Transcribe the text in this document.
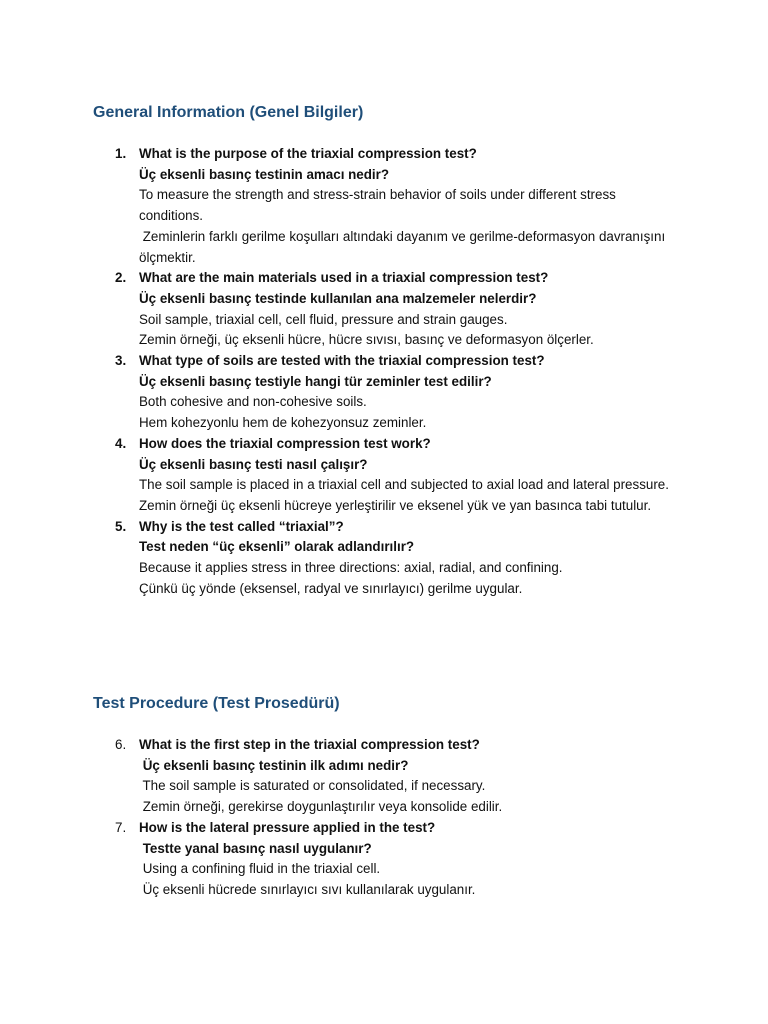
General Information (Genel Bilgiler)
1. What is the purpose of the triaxial compression test?
Üç eksenli basınç testinin amacı nedir?
To measure the strength and stress-strain behavior of soils under different stress conditions.
Zeminlerin farklı gerilme koşulları altındaki dayanım ve gerilme-deformasyon davranışını ölçmektir.
2. What are the main materials used in a triaxial compression test?
Üç eksenli basınç testinde kullanılan ana malzemeler nelerdir?
Soil sample, triaxial cell, cell fluid, pressure and strain gauges.
Zemin örneği, üç eksenli hücre, hücre sıvısı, basınç ve deformasyon ölçerler.
3. What type of soils are tested with the triaxial compression test?
Üç eksenli basınç testiyle hangi tür zeminler test edilir?
Both cohesive and non-cohesive soils.
Hem kohezyonlu hem de kohezyonsuz zeminler.
4. How does the triaxial compression test work?
Üç eksenli basınç testi nasıl çalışır?
The soil sample is placed in a triaxial cell and subjected to axial load and lateral pressure.
Zemin örneği üç eksenli hücreye yerleştirilir ve eksenel yük ve yan basınca tabi tutulur.
5. Why is the test called “triaxial”?
Test neden “üç eksenli” olarak adlandırılır?
Because it applies stress in three directions: axial, radial, and confining.
Çünkü üç yönde (eksensel, radyal ve sınırlayıcı) gerilme uygular.
Test Procedure (Test Prosedürü)
6. What is the first step in the triaxial compression test?
Üç eksenli basınç testinin ilk adımı nedir?
The soil sample is saturated or consolidated, if necessary.
Zemin örneği, gerekirse doygunlaştırılır veya konsolide edilir.
7. How is the lateral pressure applied in the test?
Testte yanal basınç nasıl uygulanır?
Using a confining fluid in the triaxial cell.
Üç eksenli hücrede sınırlayıcı sıvı kullanılarak uygulanır.
